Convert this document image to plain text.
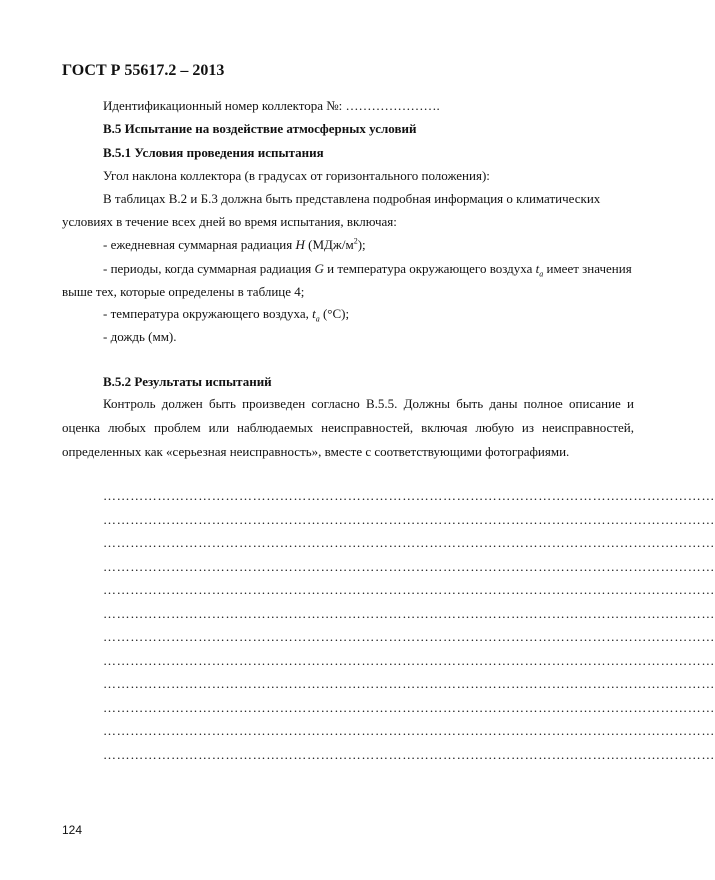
ГОСТ Р 55617.2 – 2013
Идентификационный номер коллектора №: ………………….
В.5 Испытание на воздействие атмосферных условий
В.5.1 Условия проведения испытания
Угол наклона коллектора (в градусах от горизонтального положения):
В таблицах В.2 и Б.3 должна быть представлена подробная информация о климатических
условиях в течение всех дней во время испытания, включая:
- ежедневная суммарная радиация H $(МДж/м^2)$;
- периоды, когда суммарная радиация G и температура окружающего воздуха $t_a$ имеет значения
выше тех, которые определены в таблице 4;
- температура окружающего воздуха, $t_a$ (°С);
- дождь (мм).
В.5.2 Результаты испытаний
Контроль должен быть произведен согласно В.5.5. Должны быть даны полное описание и оценка любых проблем или наблюдаемых неисправностей, включая любую из неисправностей, определенных как «серьезная неисправность», вместе с соответствующими фотографиями.
………………………………………………………………………………………………………………………
………………………………………………………………………………………………………………………
………………………………………………………………………………………………………………………
………………………………………………………………………………………………………………………
………………………………………………………………………………………………………………………
………………………………………………………………………………………………………………………
………………………………………………………………………………………………………………………
………………………………………………………………………………………………………………………
………………………………………………………………………………………………………………………
………………………………………………………………………………………………………………………
………………………………………………………………………………………………………………………
………………………………………………………………………………………………………………………
124
